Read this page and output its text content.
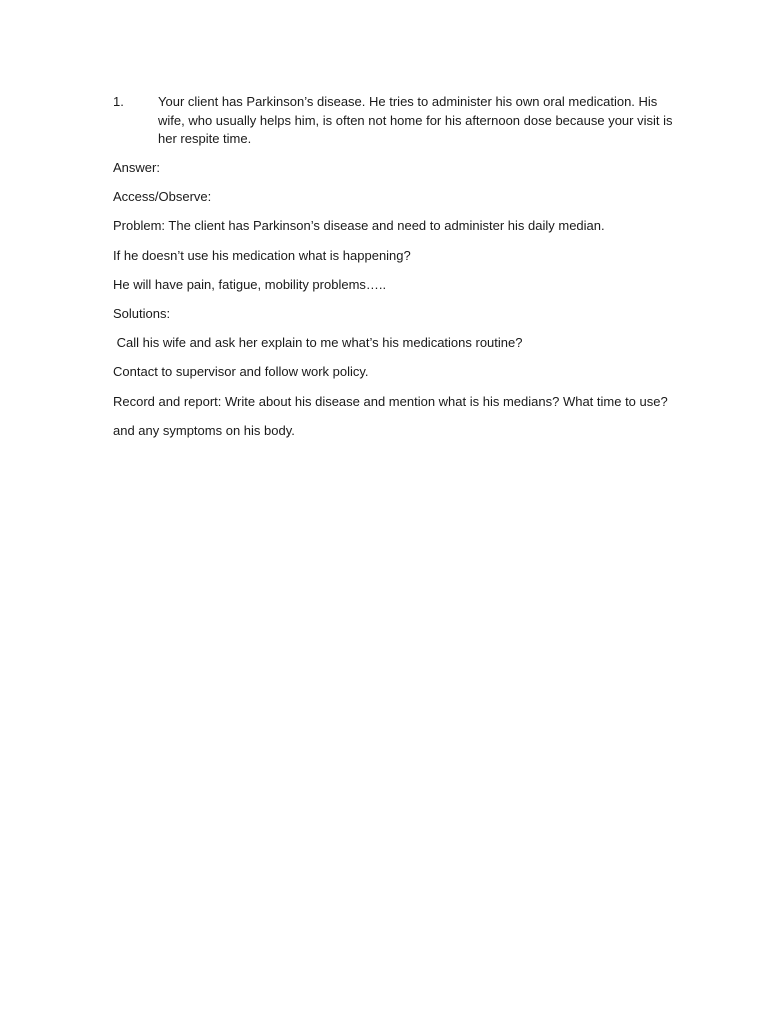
1.	Your client has Parkinson’s disease. He tries to administer his own oral medication. His wife, who usually helps him, is often not home for his afternoon dose because your visit is her respite time.
Answer:
Access/Observe:
Problem: The client has Parkinson’s disease and need to administer his daily median.
If he doesn’t use his medication what is happening?
He will have pain, fatigue, mobility problems…..
Solutions:
Call his wife and ask her explain to me what’s his medications routine?
Contact to supervisor and follow work policy.
Record and report: Write about his disease and mention what is his medians? What time to use?
and any symptoms on his body.
